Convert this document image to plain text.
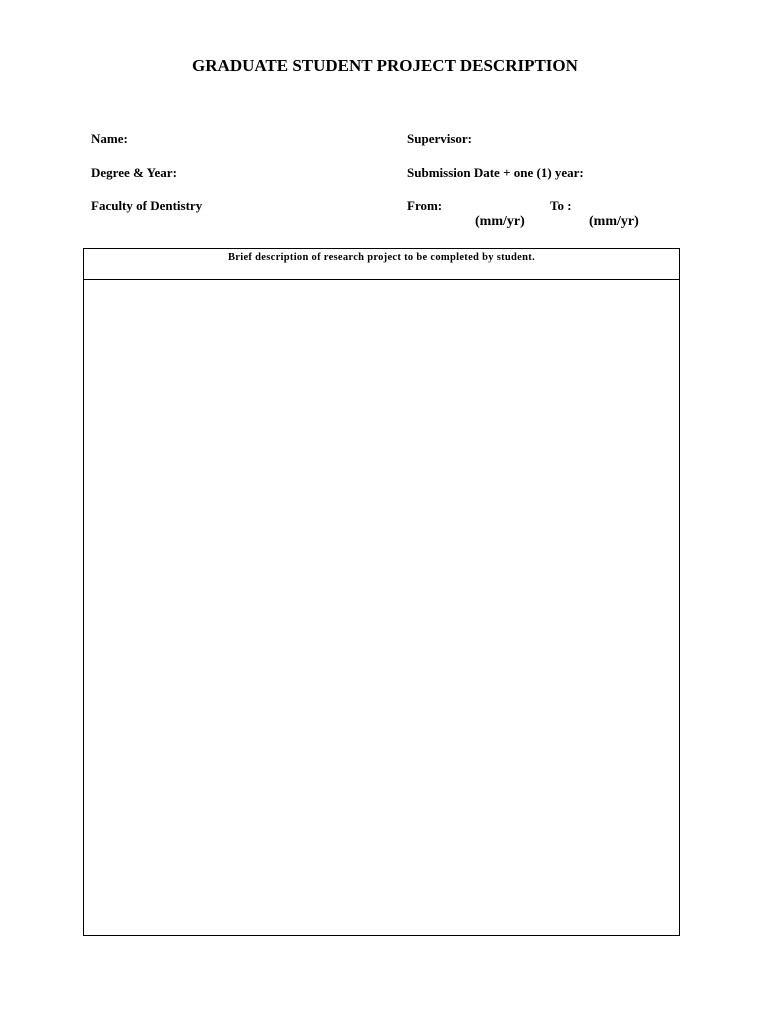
GRADUATE STUDENT PROJECT DESCRIPTION
Name:
Degree & Year:
Faculty of Dentistry
Supervisor:
Submission Date + one (1) year:
From:	To :
(mm/yr)	(mm/yr)
Brief description of research project to be completed by student.
